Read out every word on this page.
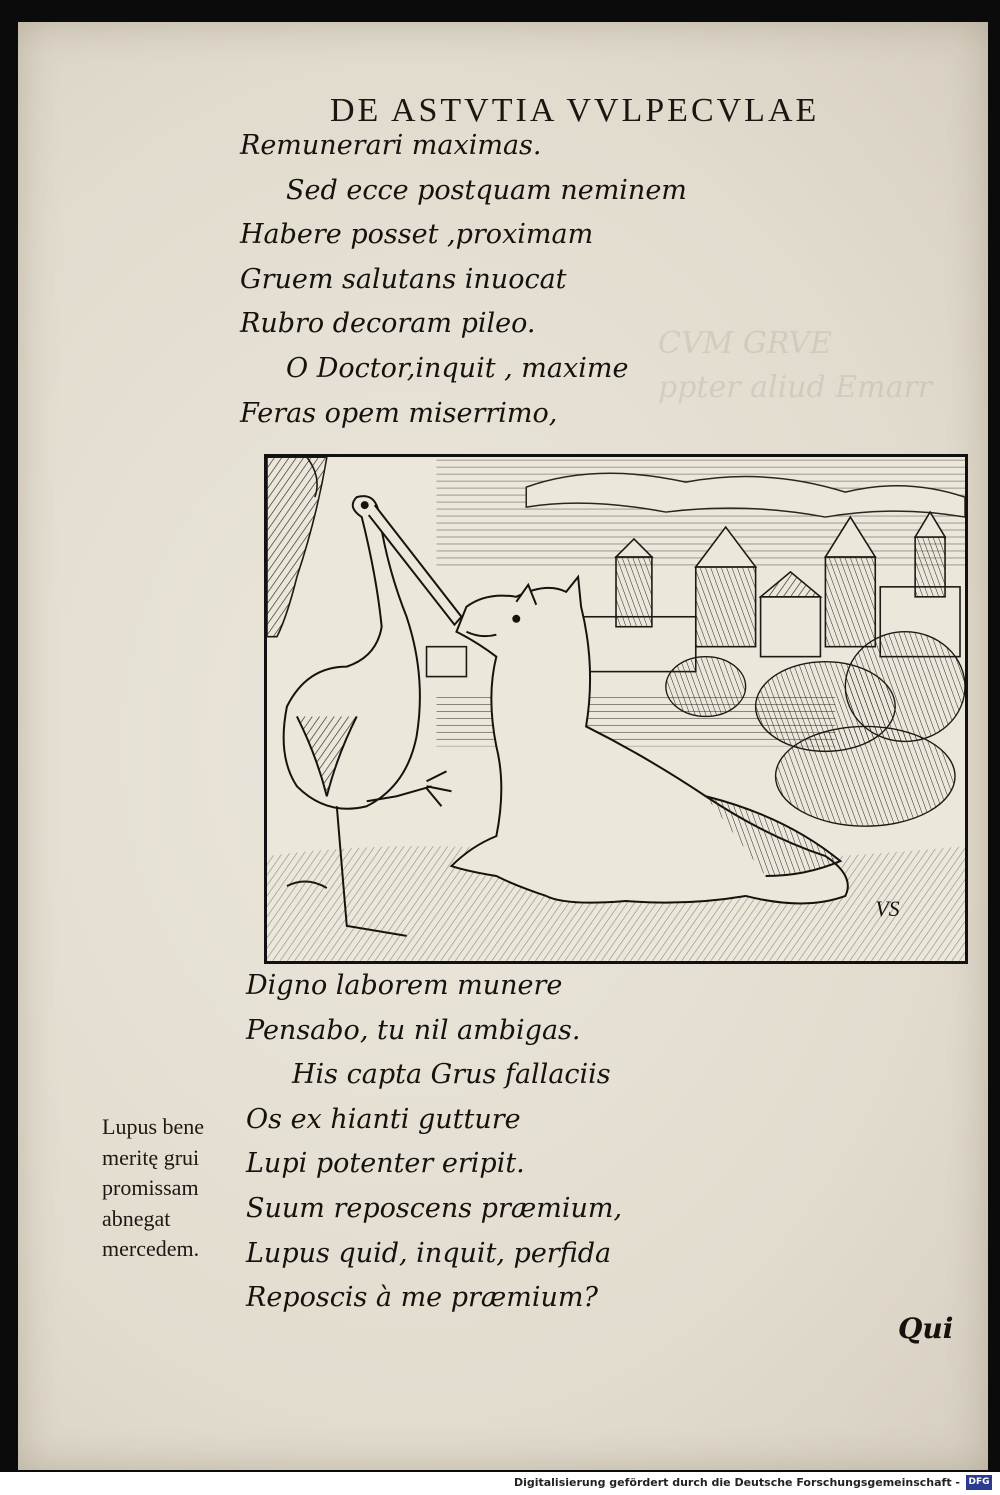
CVM GRVE
ppter aliud Emarr

DE ASTVTIA VVLPECVLAE
Remunerari maximas.
Sed ecce postquam neminem
Habere posset ,proximam
Gruem salutans inuocat
Rubro decoram pileo.
O Doctor,inquit , maxime
Feras opem miserrimo,
VS
Digno laborem munere
Pensabo, tu nil ambigas.
His capta Grus fallaciis
Os ex hianti gutture
Lupi potenter eripit.
Suum reposcens præmium,
Lupus quid, inquit, perfida
Reposcis à me præmium?
Lupus bene
meritę grui
promissam
abnegat
mercedem.
Qui
Digitalisierung gefördert durch die Deutsche Forschungsgemeinschaft - DFG
